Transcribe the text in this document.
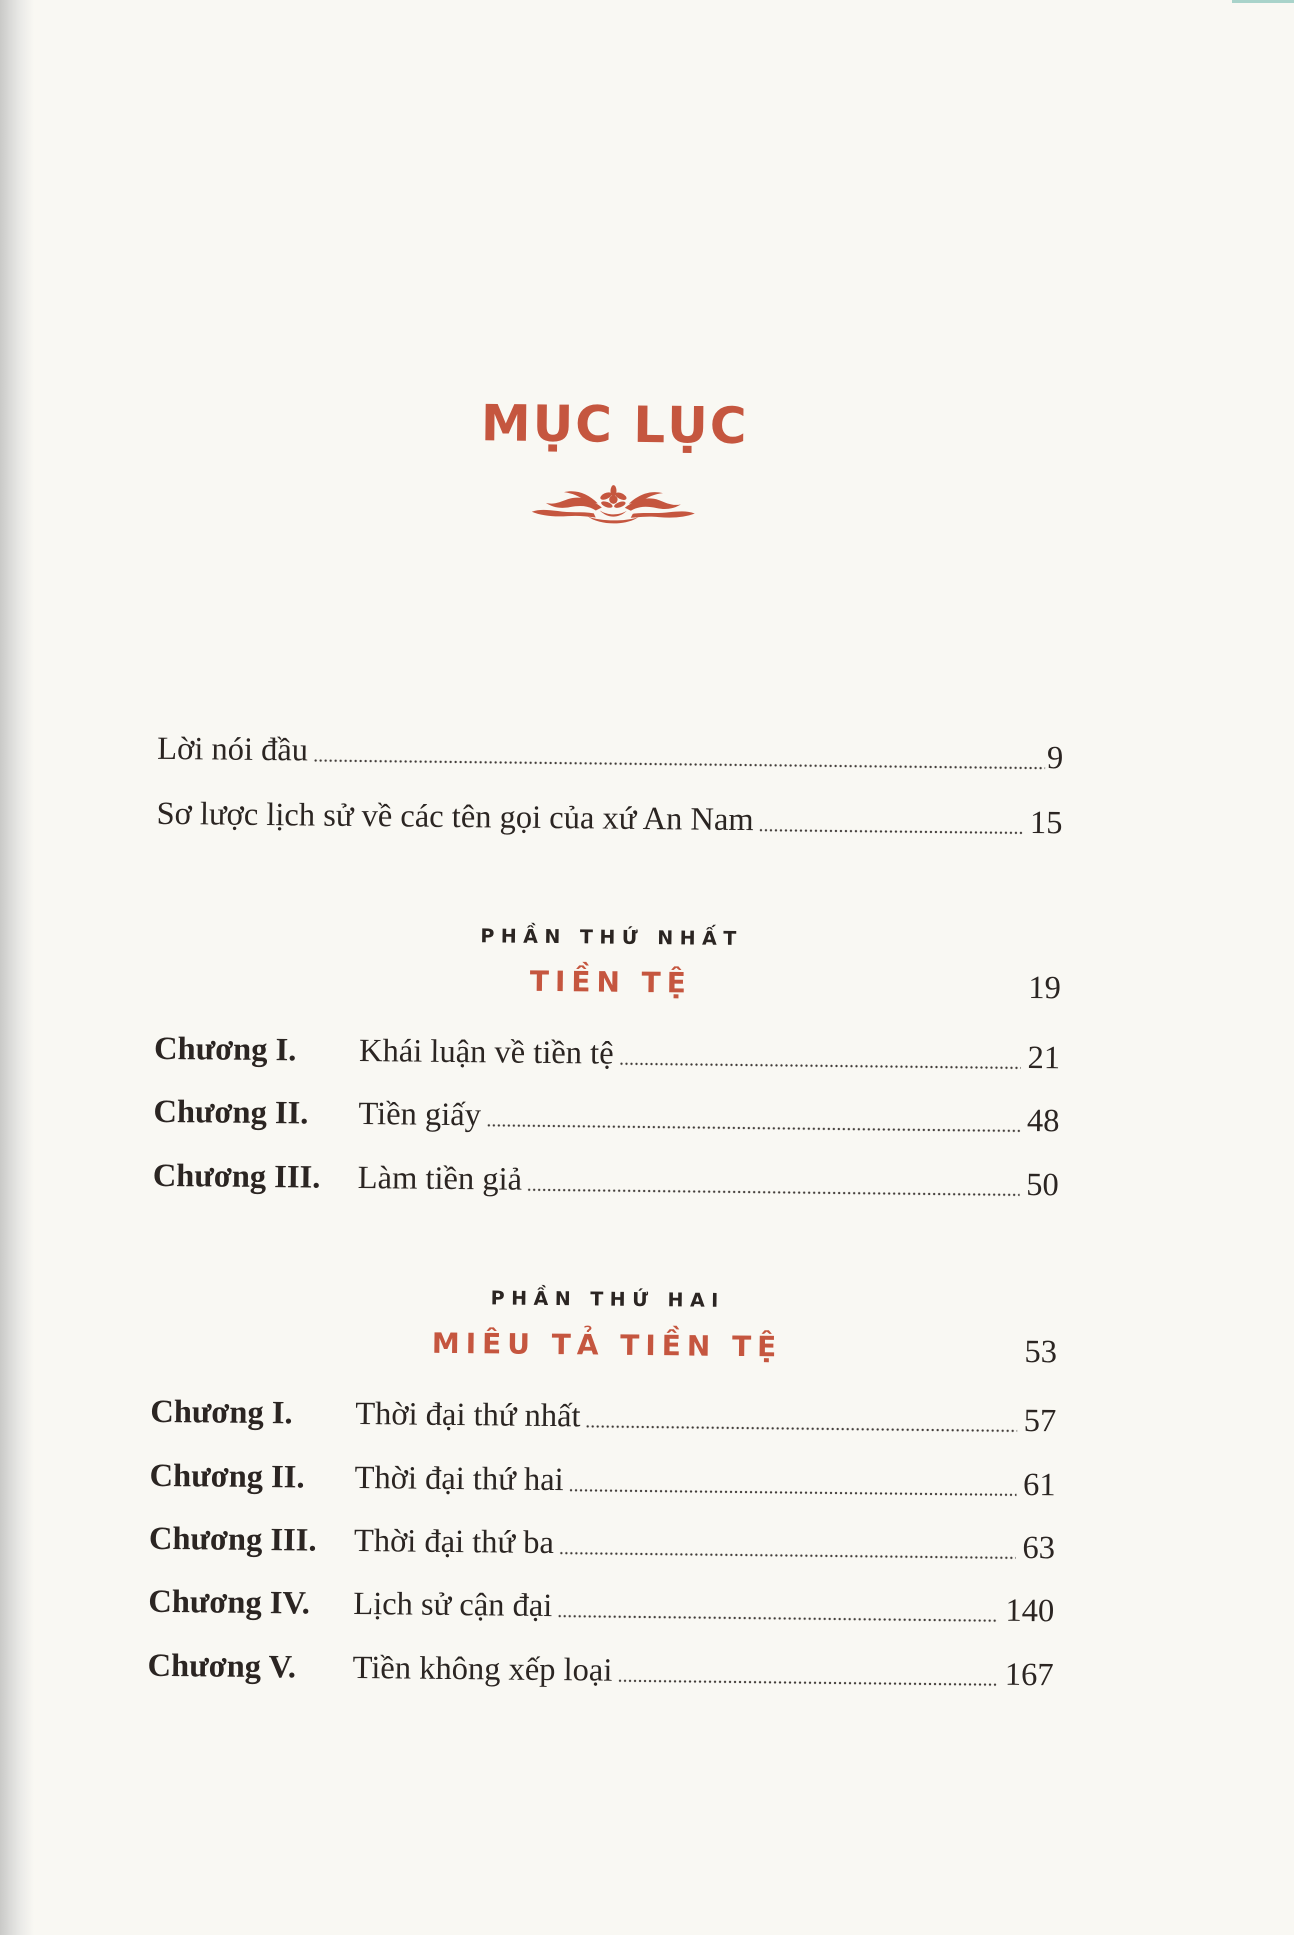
MỤC LỤC
Lời nói đầu	9
Sơ lược lịch sử về các tên gọi của xứ An Nam	15
PHẦN THỨ NHẤT
TIỀN TỆ	19
Chương I.	Khái luận về tiền tệ	21
Chương II.	Tiền giấy	48
Chương III.	Làm tiền giả	50
PHẦN THỨ HAI
MIÊU TẢ TIỀN TỆ	53
Chương I.	Thời đại thứ nhất	57
Chương II.	Thời đại thứ hai	61
Chương III.	Thời đại thứ ba	63
Chương IV.	Lịch sử cận đại	140
Chương V.	Tiền không xếp loại	167
